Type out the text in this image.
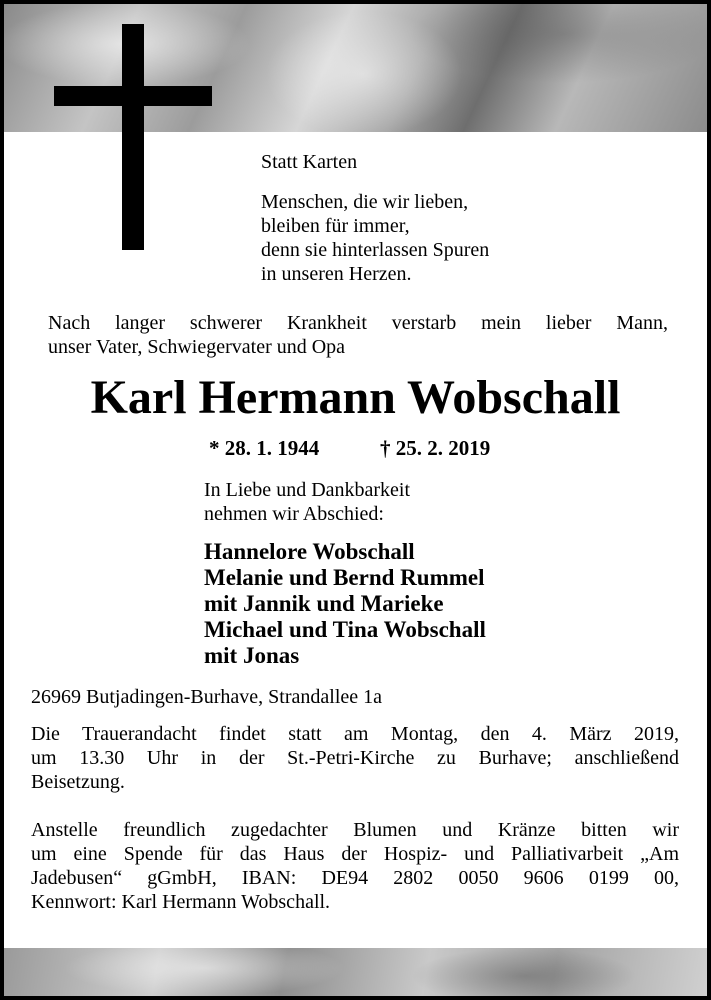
Statt Karten

Menschen, die wir lieben,
bleiben für immer,
denn sie hinterlassen Spuren
in unseren Herzen.
Nach langer schwerer Krankheit verstarb mein lieber Mann,
unser Vater, Schwiegervater und Opa
Karl Hermann Wobschall
* 28. 1. 1944	† 25. 2. 2019
In Liebe und Dankbarkeit
nehmen wir Abschied:
Hannelore Wobschall
Melanie und Bernd Rummel
mit Jannik und Marieke
Michael und Tina Wobschall
mit Jonas

26969 Butjadingen-Burhave, Strandallee 1a

Die Trauerandacht findet statt am Montag, den 4. März 2019,
um 13.30 Uhr in der St.-Petri-Kirche zu Burhave; anschließend
Beisetzung.
Anstelle freundlich zugedachter Blumen und Kränze bitten wir
um eine Spende für das Haus der Hospiz- und Palliativarbeit „Am
Jadebusen“ gGmbH, IBAN: DE94 2802 0050 9606 0199 00,
Kennwort: Karl Hermann Wobschall.
